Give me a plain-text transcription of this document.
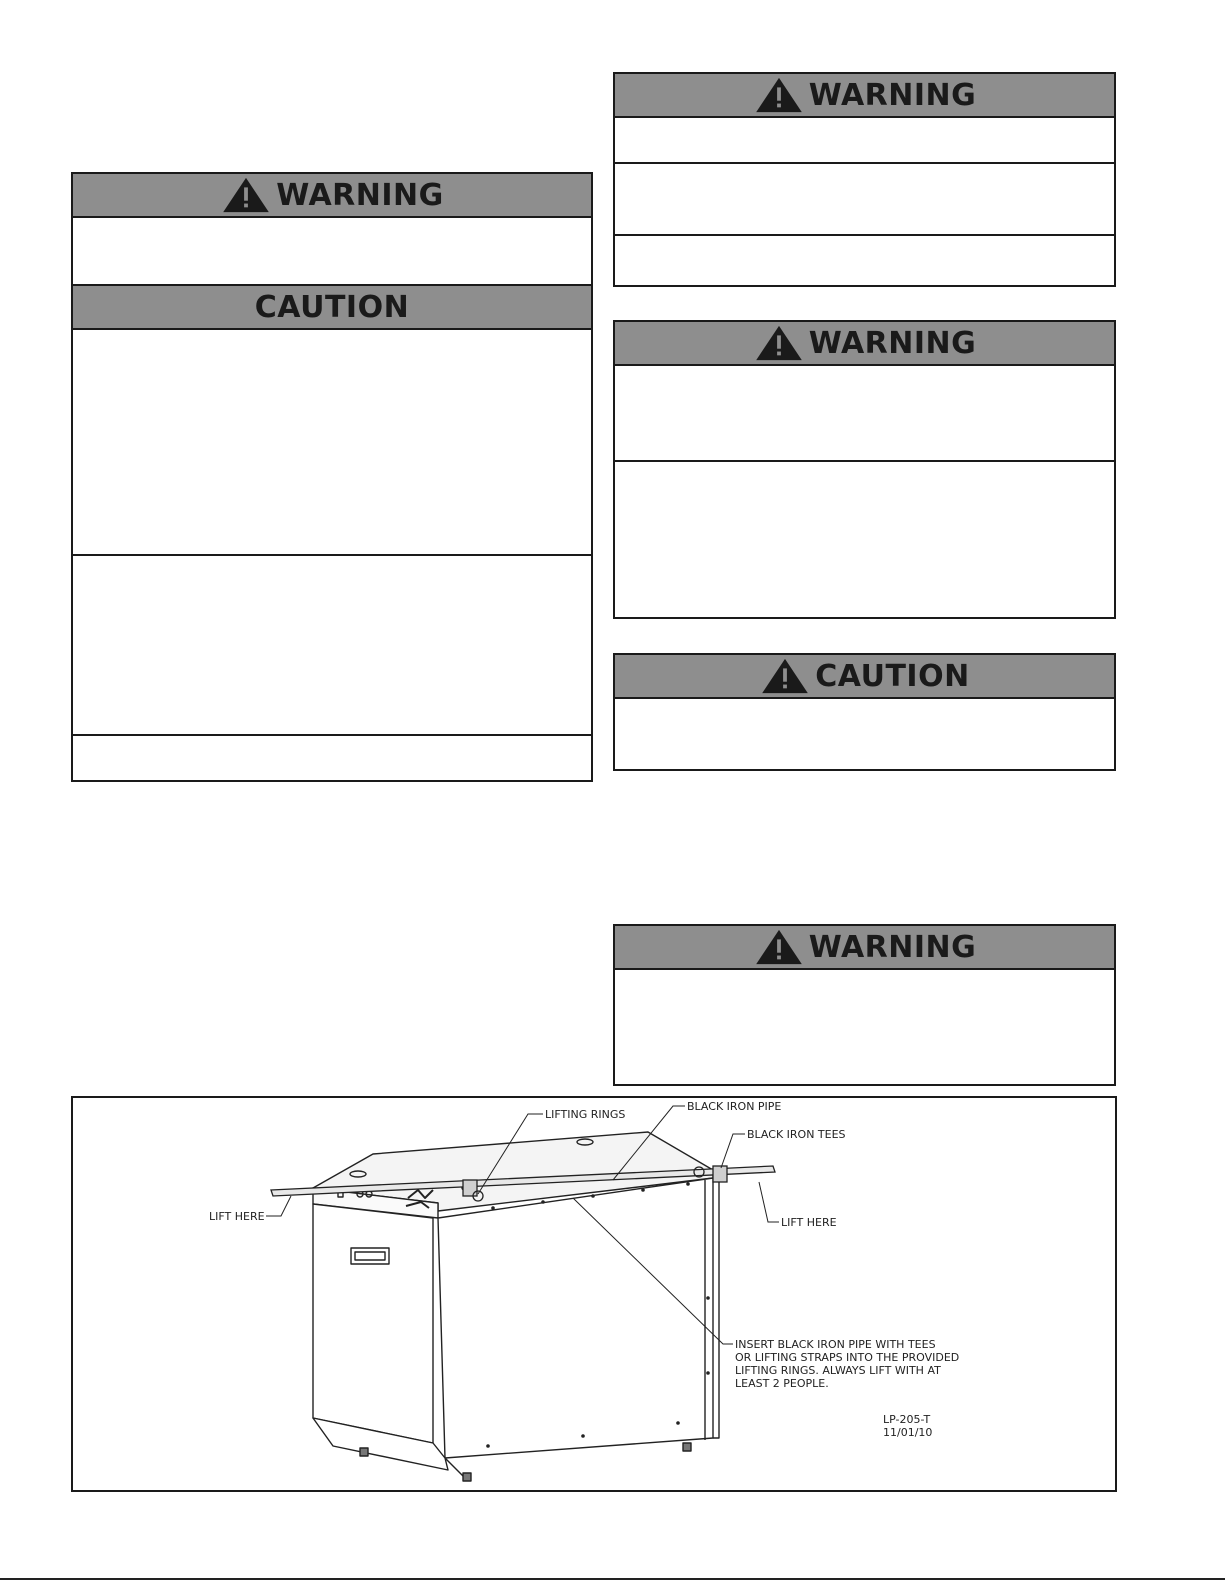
WARNING
CAUTION
WARNING
WARNING
CAUTION
WARNING
LIFTING RINGS
BLACK IRON PIPE
BLACK IRON TEES
LIFT HERE	LIFT HERE
INSERT BLACK IRON PIPE WITH TEES
OR LIFTING STRAPS INTO THE PROVIDED
LIFTING RINGS. ALWAYS LIFT WITH AT
LEAST 2 PEOPLE.
LP-205-T
11/01/10
